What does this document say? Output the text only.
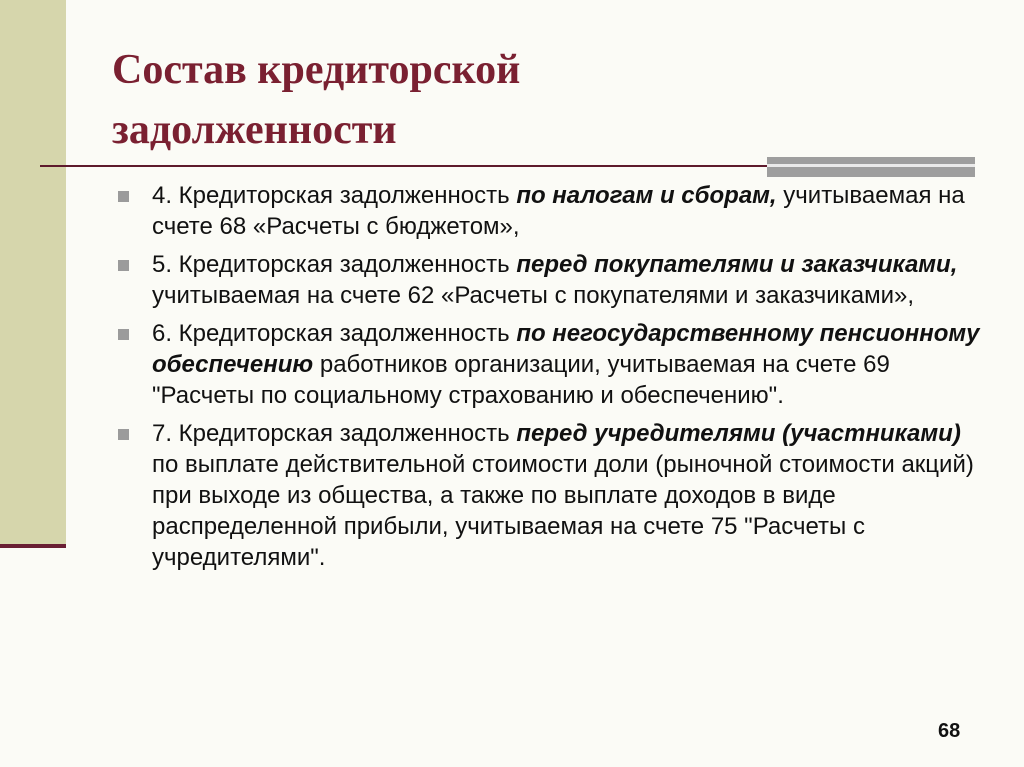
Состав кредиторской
задолженности
4. Кредиторская задолженность по налогам и сборам, учитываемая на счете 68 «Расчеты с бюджетом»,
5. Кредиторская задолженность перед покупателями и заказчиками, учитываемая на счете 62 «Расчеты с покупателями и заказчиками»,
6. Кредиторская задолженность по негосударственному пенсионному обеспечению работников организации, учитываемая на счете 69 "Расчеты по социальному страхованию и обеспечению".
7. Кредиторская задолженность перед учредителями (участниками) по выплате действительной стоимости доли (рыночной стоимости акций) при выходе из общества, а также по выплате доходов в виде распределенной прибыли, учитываемая на счете 75 "Расчеты с учредителями".
68
